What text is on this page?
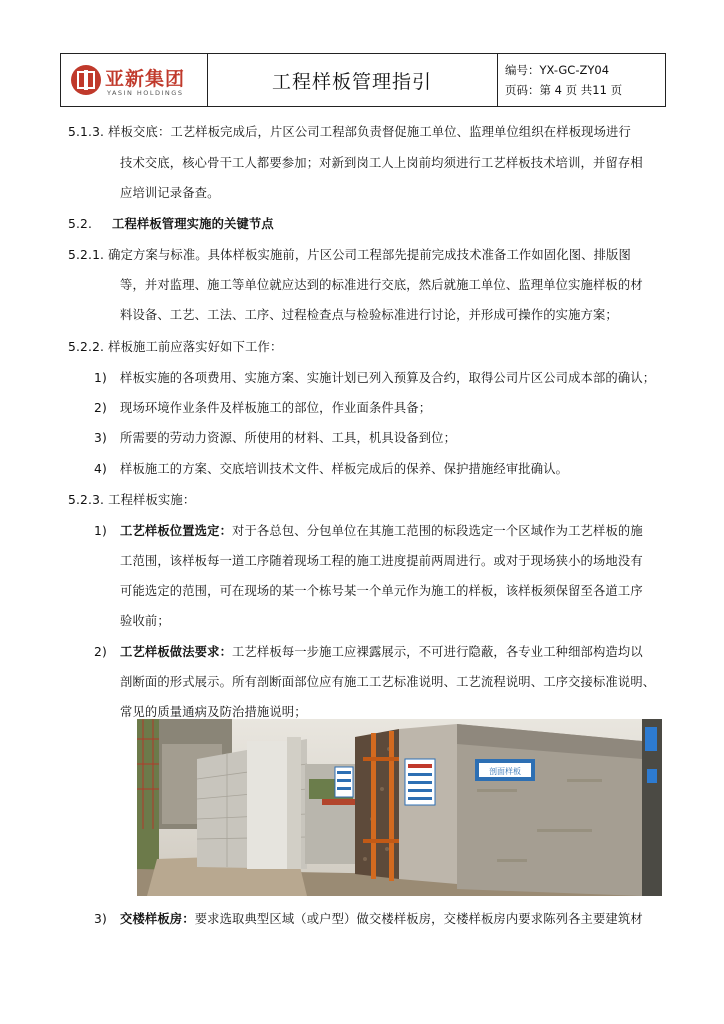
亚新集团
YASIN HOLDINGS	工程样板管理指引
编号：YX-GC-ZY04
页码：第 4 页 共11 页
5.1.3. 样板交底：工艺样板完成后，片区公司工程部负责督促施工单位、监理单位组织在样板现场进行
技术交底，核心骨干工人都要参加；对新到岗工人上岗前均须进行工艺样板技术培训，并留存相
应培训记录备查。
5.2. 工程样板管理实施的关键节点
5.2.1. 确定方案与标准。具体样板实施前，片区公司工程部先提前完成技术准备工作如固化图、排版图
等，并对监理、施工等单位就应达到的标准进行交底，然后就施工单位、监理单位实施样板的材
料设备、工艺、工法、工序、过程检查点与检验标准进行讨论，并形成可操作的实施方案；
5.2.2. 样板施工前应落实好如下工作：
1) 样板实施的各项费用、实施方案、实施计划已列入预算及合约，取得公司片区公司成本部的确认；
2) 现场环境作业条件及样板施工的部位，作业面条件具备；
3) 所需要的劳动力资源、所使用的材料、工具，机具设备到位；
4) 样板施工的方案、交底培训技术文件、样板完成后的保养、保护措施经审批确认。
5.2.3. 工程样板实施：
1) 工艺样板位置选定：对于各总包、分包单位在其施工范围的标段选定一个区域作为工艺样板的施
工范围，该样板每一道工序随着现场工程的施工进度提前两周进行。或对于现场狭小的场地没有
可能选定的范围，可在现场的某一个栋号某一个单元作为施工的样板，该样板须保留至各道工序
验收前；
2) 工艺样板做法要求：工艺样板每一步施工应裸露展示，不可进行隐蔽，各专业工种细部构造均以
剖断面的形式展示。所有剖断面部位应有施工工艺标准说明、工艺流程说明、工序交接标准说明、
常见的质量通病及防治措施说明；
剖面样板
3) 交楼样板房：要求选取典型区域（或户型）做交楼样板房，交楼样板房内要求陈列各主要建筑材
